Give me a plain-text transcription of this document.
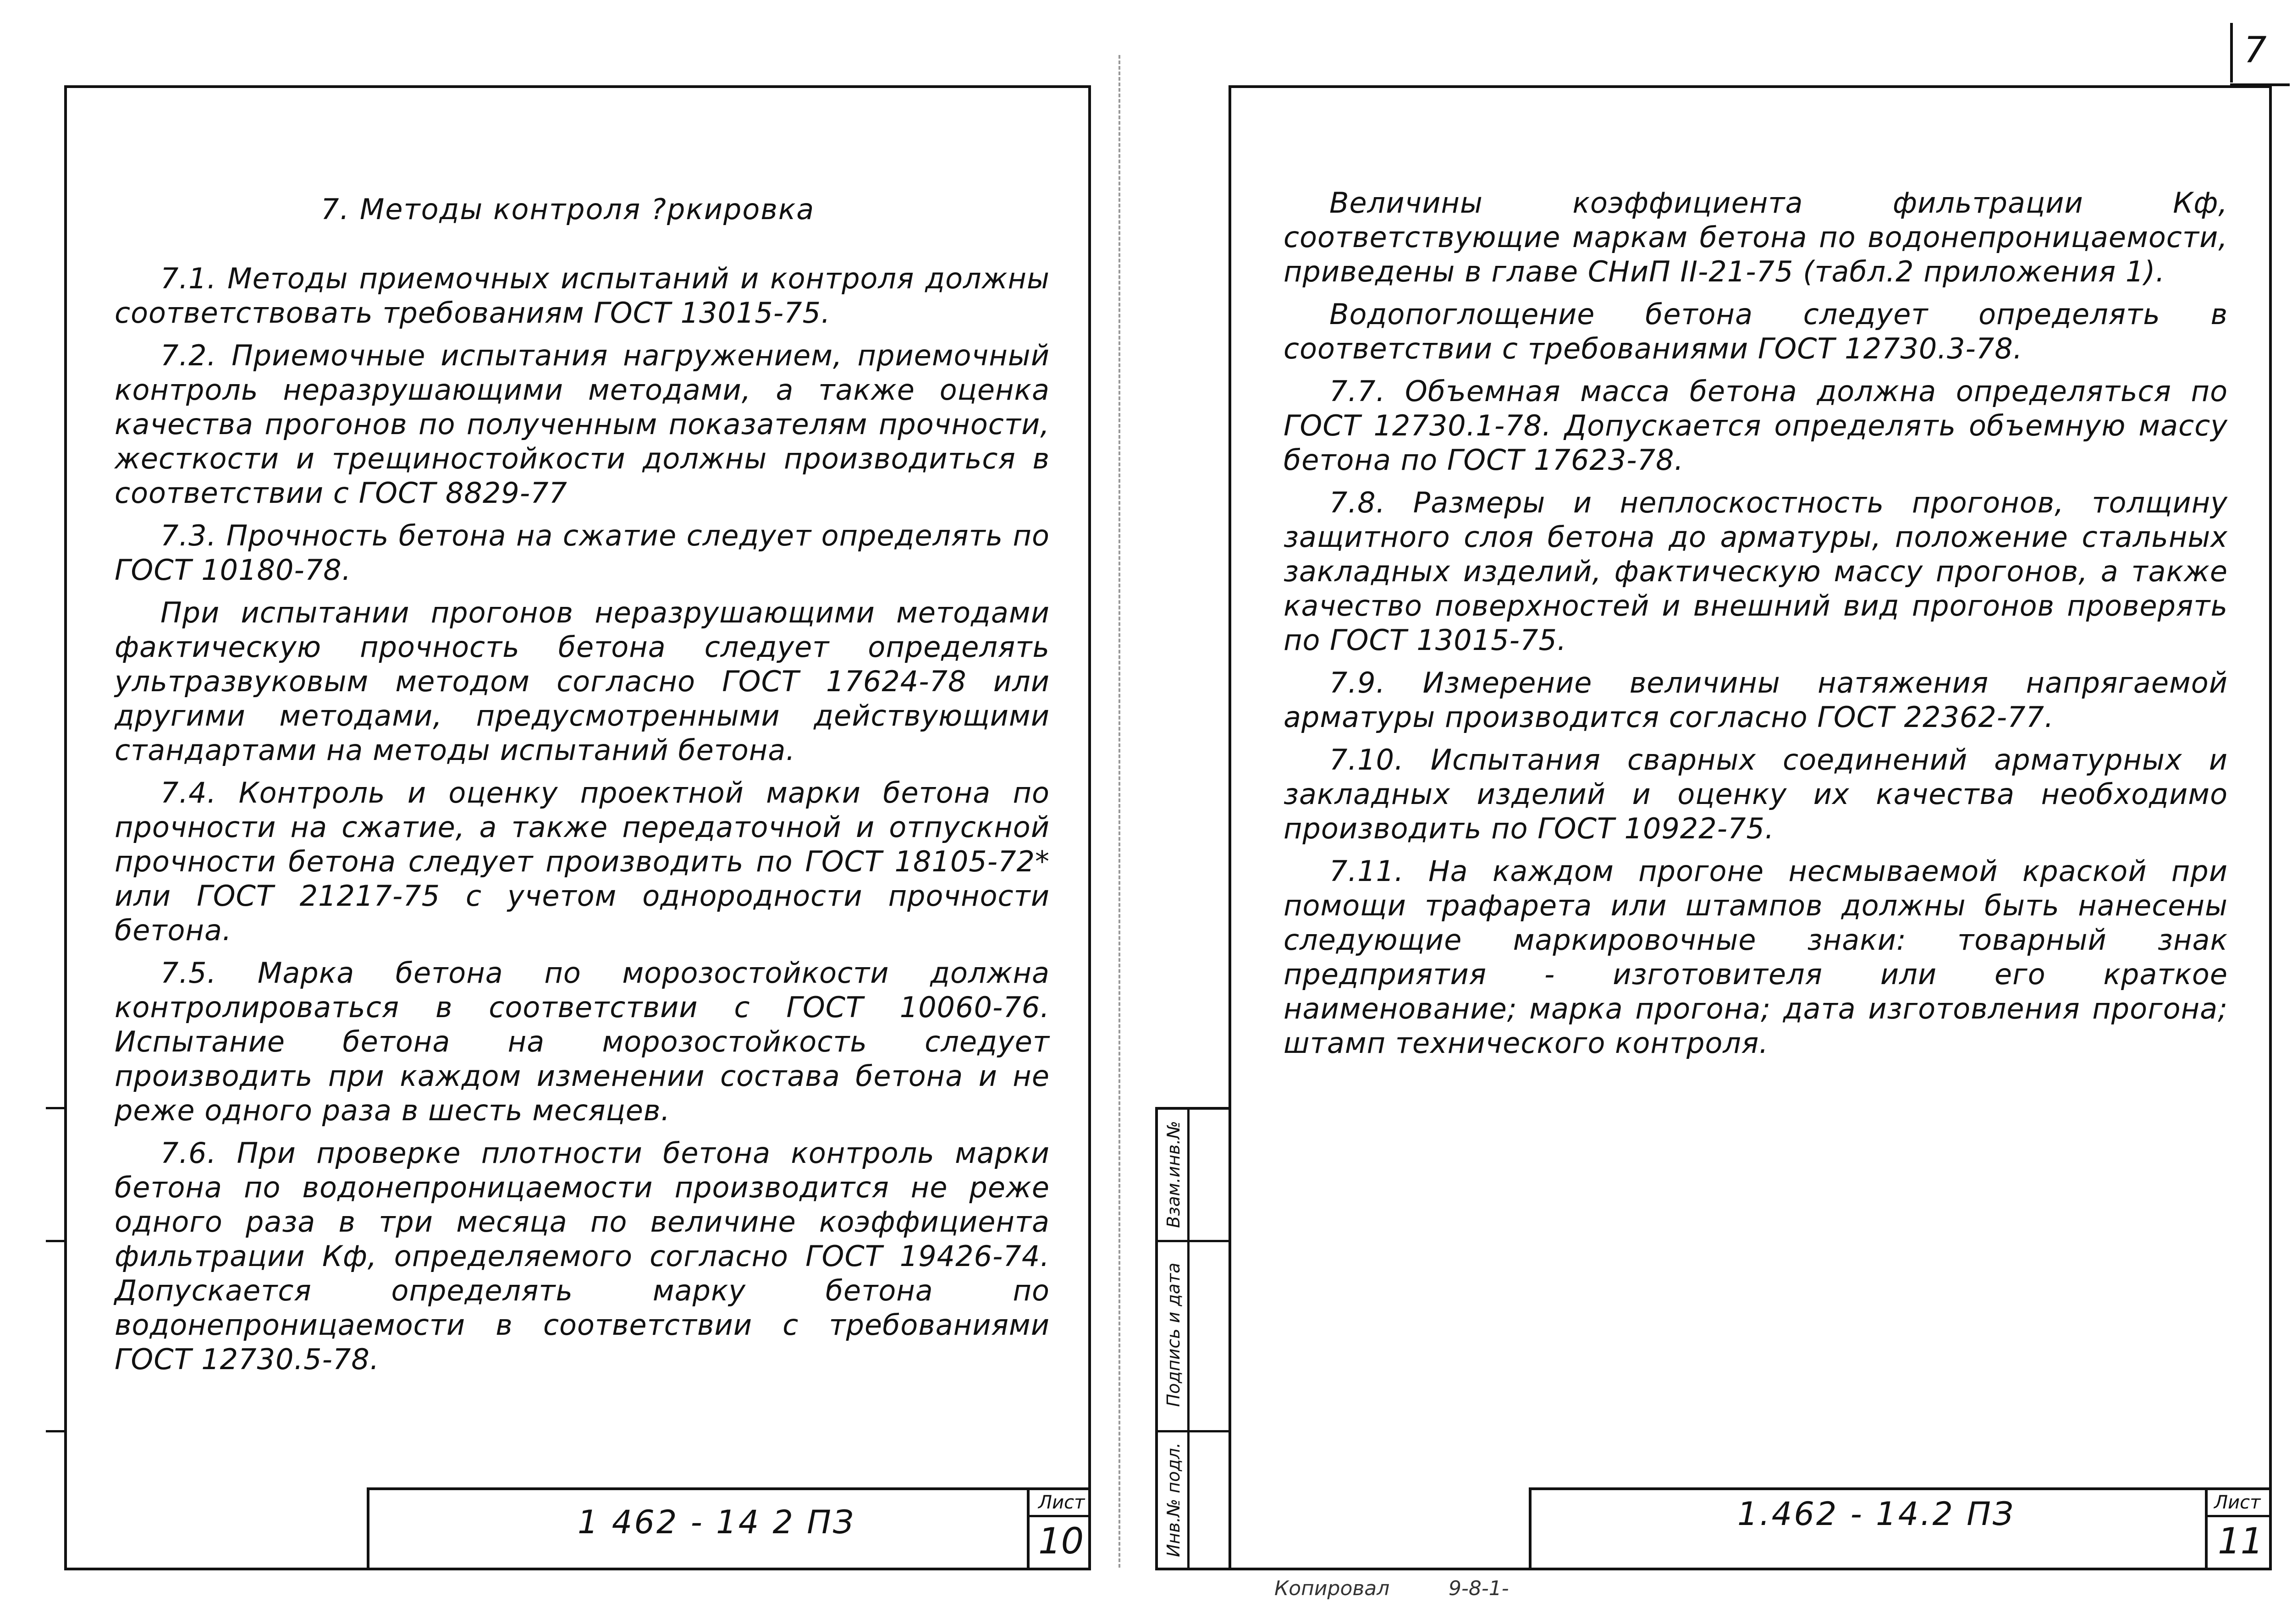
7
7. Методы контроля ?ркировка

7.1. Методы приемочных испытаний и контроля должны соответствовать требованиям ГОСТ 13015-75.

7.2. Приемочные испытания нагружением, приемочный контроль неразрушающими методами, а также оценка качества прогонов по полученным показателям прочности, жесткости и трещиностойкости должны производиться в соответствии с ГОСТ 8829-77

7.3. Прочность бетона на сжатие следует определять по ГОСТ 10180-78.

При испытании прогонов неразрушающими методами фактическую прочность бетона следует определять ультразвуковым методом согласно ГОСТ 17624-78 или другими методами, предусмотренными действующими стандартами на методы испытаний бетона.

7.4. Контроль и оценку проектной марки бетона по прочности на сжатие, а также передаточной и отпускной прочности бетона следует производить по ГОСТ 18105-72* или ГОСТ 21217-75 с учетом однородности прочности бетона.

7.5. Марка бетона по морозостойкости должна контролироваться в соответствии с ГОСТ 10060-76. Испытание бетона на морозостойкость следует производить при каждом изменении состава бетона и не реже одного раза в шесть месяцев.

7.6. При проверке плотности бетона контроль марки бетона по водонепроницаемости производится не реже одного раза в три месяца по величине коэффициента фильтрации Кф, определяемого согласно ГОСТ 19426-74. Допускается определять марку бетона по водонепроницаемости в соответствии с требованиями ГОСТ 12730.5-78.

1 462 - 14 2 ПЗ
Лист
10
Взам.инв.№
Подпись и дата
Инв.№ подл.

Величины коэффициента фильтрации Кф, соответствующие маркам бетона по водонепроницаемости, приведены в главе СНиП II-21-75 (табл.2 приложения 1).

Водопоглощение бетона следует определять в соответствии с требованиями ГОСТ 12730.3-78.

7.7. Объемная масса бетона должна определяться по ГОСТ 12730.1-78. Допускается определять объемную массу бетона по ГОСТ 17623-78.

7.8. Размеры и неплоскостность прогонов, толщину защитного слоя бетона до арматуры, положение стальных закладных изделий, фактическую массу прогонов, а также качество поверхностей и внешний вид прогонов проверять по ГОСТ 13015-75.

7.9. Измерение величины натяжения напрягаемой арматуры производится согласно ГОСТ 22362-77.

7.10. Испытания сварных соединений арматурных и закладных изделий и оценку их качества необходимо производить по ГОСТ 10922-75.

7.11. На каждом прогоне несмываемой краской при помощи трафарета или штампов должны быть нанесены следующие маркировочные знаки: товарный знак предприятия - изготовителя или его краткое наименование; марка прогона; дата изготовления прогона; штамп технического контроля.

1.462 - 14.2 ПЗ	Лист
11
Копировал	9-8-1-
